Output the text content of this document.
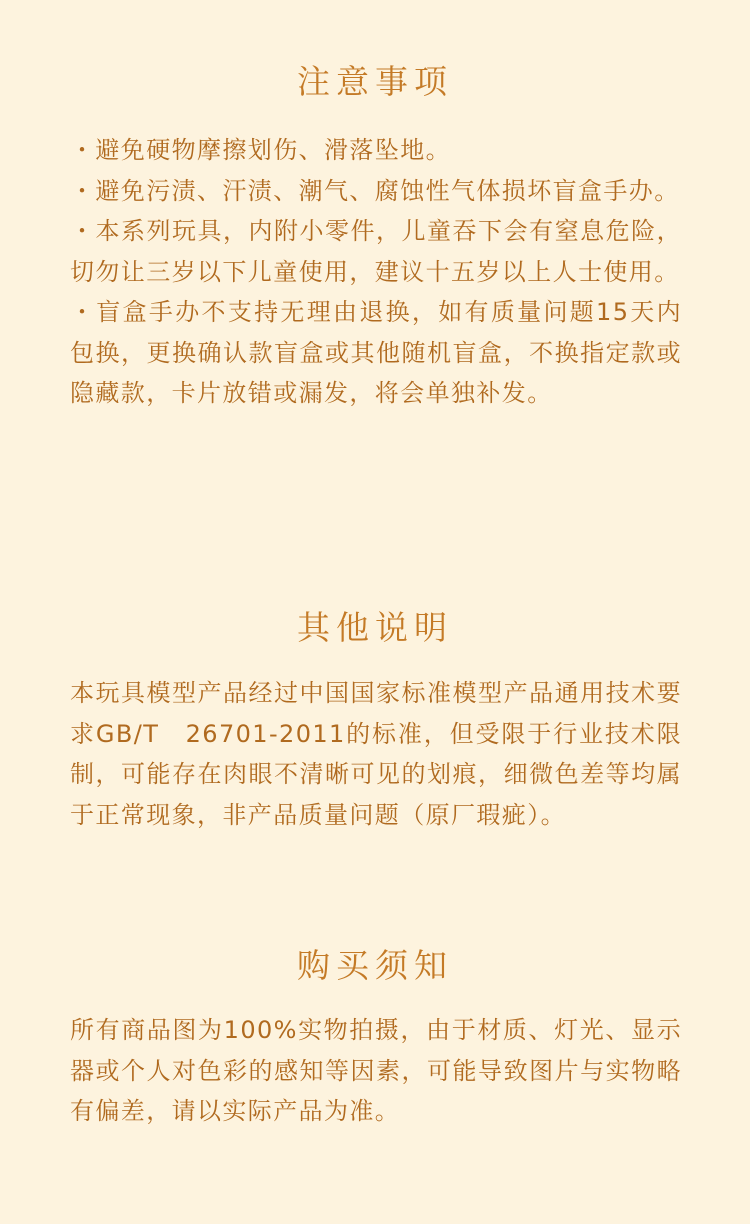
注意事项

・避免硬物摩擦划伤、滑落坠地。

・避免污渍、汗渍、潮气、腐蚀性气体损坏盲盒手办。

・本系列玩具，内附小零件，儿童吞下会有窒息危险，切勿让三岁以下儿童使用，建议十五岁以上人士使用。

・盲盒手办不支持无理由退换，如有质量问题15天内包换，更换确认款盲盒或其他随机盲盒，不换指定款或隐藏款，卡片放错或漏发，将会单独补发。

其他说明

本玩具模型产品经过中国国家标准模型产品通用技术要求GB/T　26701-2011的标准，但受限于行业技术限制，可能存在肉眼不清晰可见的划痕，细微色差等均属于正常现象，非产品质量问题（原厂瑕疵）。

购买须知

所有商品图为100%实物拍摄，由于材质、灯光、显示器或个人对色彩的感知等因素，可能导致图片与实物略有偏差，请以实际产品为准。
